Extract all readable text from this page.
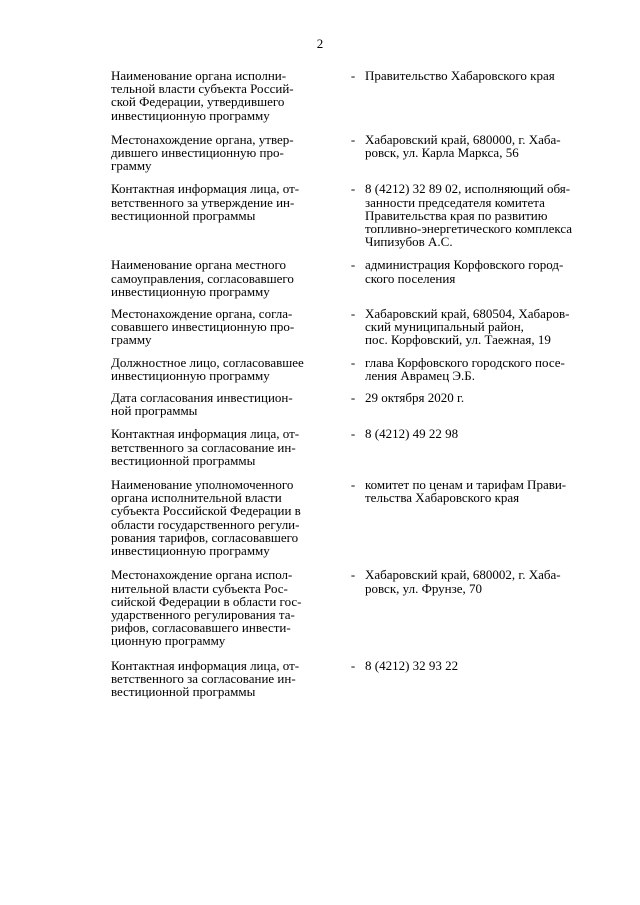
2
Наименование органа исполни-
тельной власти субъекта Россий-
ской Федерации, утвердившего
инвестиционную программу
- Правительство Хабаровского края
Местонахождение органа, утвер-
дившего инвестиционную про-
грамму
- Хабаровский край, 680000, г. Хаба-
ровск, ул. Карла Маркса, 56
Контактная информация лица, от-
ветственного за утверждение ин-
вестиционной программы
- 8 (4212) 32 89 02, исполняющий обя-
занности председателя комитета
Правительства края по развитию
топливно-энергетического комплекса
Чипизубов А.С.
Наименование органа местного
самоуправления, согласовавшего
инвестиционную программу
- администрация Корфовского город-
ского поселения
Местонахождение органа, согла-
совавшего инвестиционную про-
грамму
- Хабаровский край, 680504, Хабаров-
ский муниципальный район,
пос. Корфовский, ул. Таежная, 19
Должностное лицо, согласовавшее
инвестиционную программу
- глава Корфовского городского посе-
ления Аврамец Э.Б.
Дата согласования инвестицион-
ной программы
- 29 октября 2020 г.
Контактная информация лица, от-
ветственного за согласование ин-
вестиционной программы
- 8 (4212) 49 22 98
Наименование уполномоченного
органа исполнительной власти
субъекта Российской Федерации в
области государственного регули-
рования тарифов, согласовавшего
инвестиционную программу
- комитет по ценам и тарифам Прави-
тельства Хабаровского края
Местонахождение органа испол-
нительной власти субъекта Рос-
сийской Федерации в области гос-
ударственного регулирования та-
рифов, согласовавшего инвести-
ционную программу
- Хабаровский край, 680002, г. Хаба-
ровск, ул. Фрунзе, 70
Контактная информация лица, от-
ветственного за согласование ин-
вестиционной программы
- 8 (4212) 32 93 22
